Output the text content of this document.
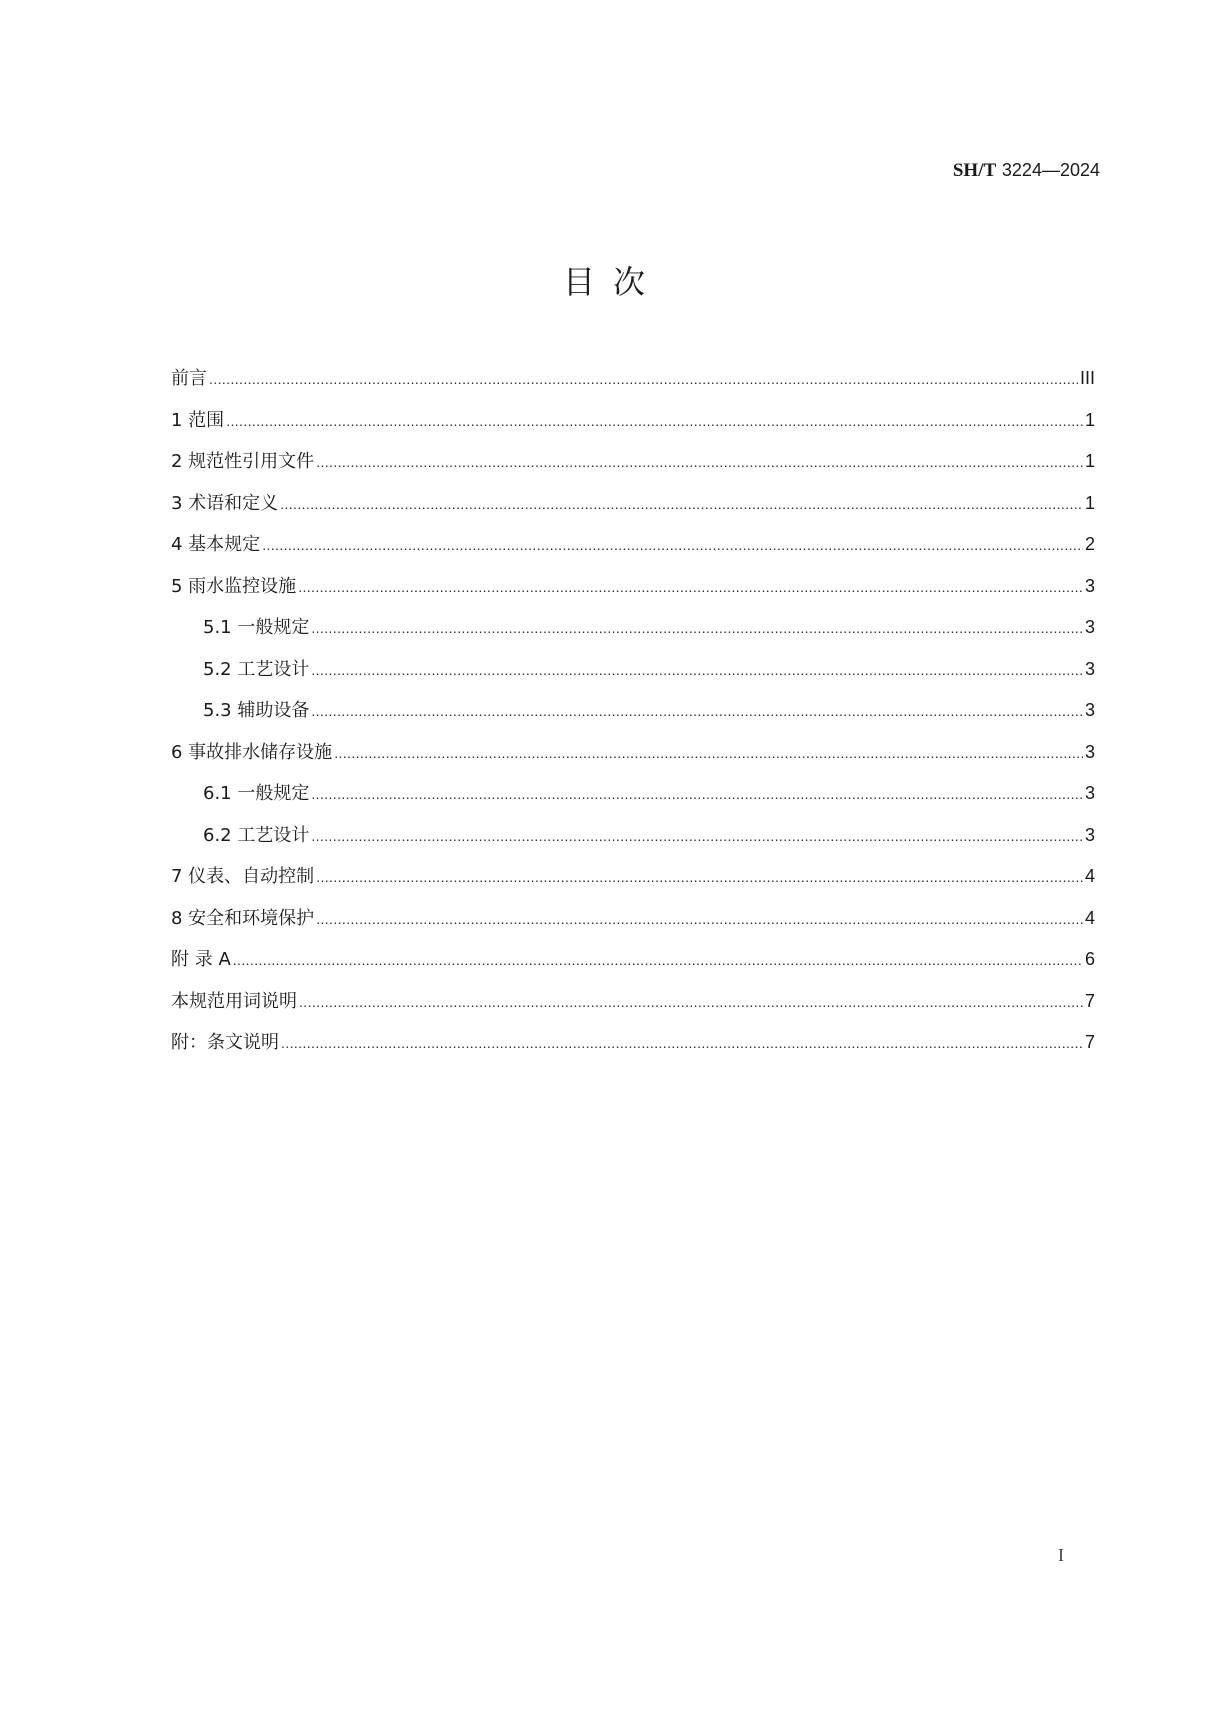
SH/T 3224—2024
目次
前言 .....	III
1 范围 .....	1
2 规范性引用文件 .....	1
3 术语和定义 .....	1
4 基本规定 .....	2
5 雨水监控设施 .....	3
5.1 一般规定 .....	3
5.2 工艺设计 .....	3
5.3 辅助设备 .....	3
6 事故排水储存设施 .....	3
6.1 一般规定 .....	3
6.2 工艺设计 .....	3
7 仪表、自动控制 .....	4
8 安全和环境保护 .....	4
附 录 A .....	6
本规范用词说明 .....	7
附：条文说明 .....	7
I
